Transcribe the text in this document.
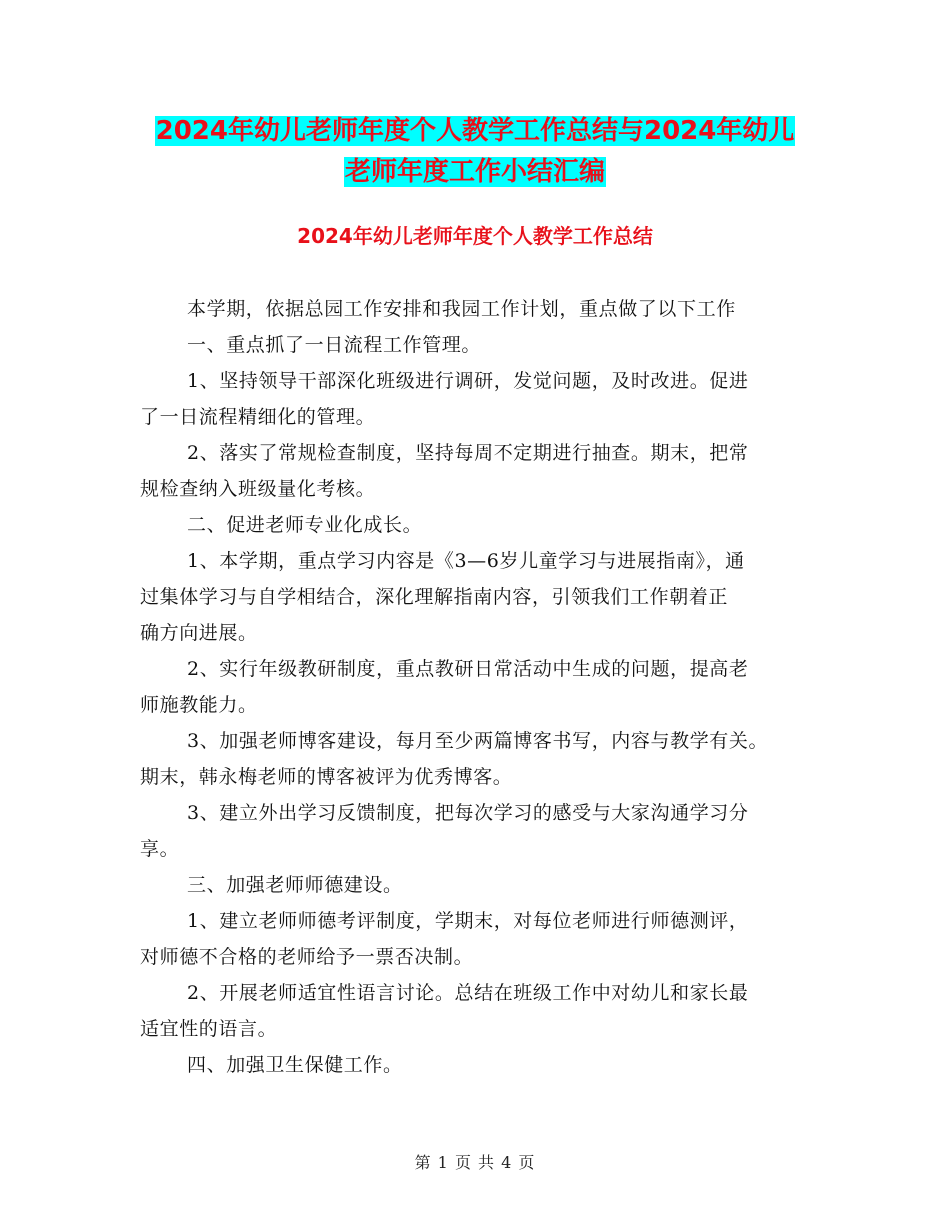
2024年幼儿老师年度个人教学工作总结与2024年幼儿
老师年度工作小结汇编
2024年幼儿老师年度个人教学工作总结
本学期，依据总园工作安排和我园工作计划，重点做了以下工作
一、重点抓了一日流程工作管理。
1、坚持领导干部深化班级进行调研，发觉问题，及时改进。促进
了一日流程精细化的管理。
2、落实了常规检查制度，坚持每周不定期进行抽查。期末，把常
规检查纳入班级量化考核。
二、促进老师专业化成长。
1、本学期，重点学习内容是《3—6岁儿童学习与进展指南》，通
过集体学习与自学相结合，深化理解指南内容，引领我们工作朝着正
确方向进展。
2、实行年级教研制度，重点教研日常活动中生成的问题，提高老
师施教能力。
3、加强老师博客建设，每月至少两篇博客书写，内容与教学有关。
期末，韩永梅老师的博客被评为优秀博客。
3、建立外出学习反馈制度，把每次学习的感受与大家沟通学习分
享。
三、加强老师师德建设。
1、建立老师师德考评制度，学期末，对每位老师进行师德测评，
对师德不合格的老师给予一票否决制。
2、开展老师适宜性语言讨论。总结在班级工作中对幼儿和家长最
适宜性的语言。
四、加强卫生保健工作。
第 1 页 共 4 页
